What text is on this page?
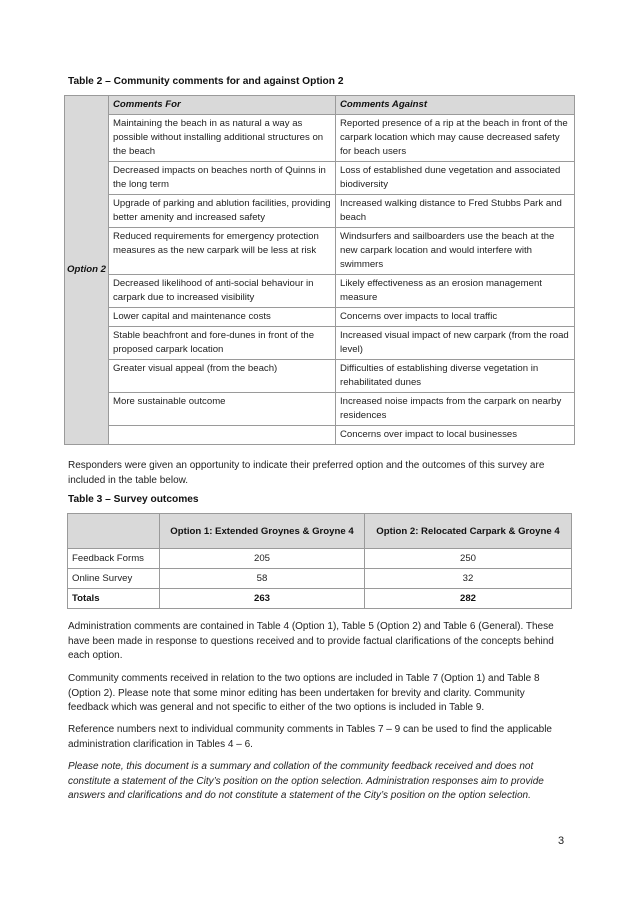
Table 2 – Community comments for and against Option 2
Option 2	Comments For	Comments Against
	Maintaining the beach in as natural a way as possible without installing additional structures on the beach	Reported presence of a rip at the beach in front of the carpark location which may cause decreased safety for beach users
	Decreased impacts on beaches north of Quinns in the long term	Loss of established dune vegetation and associated biodiversity
	Upgrade of parking and ablution facilities, providing better amenity and increased safety	Increased walking distance to Fred Stubbs Park and beach
	Reduced requirements for emergency protection measures as the new carpark will be less at risk	Windsurfers and sailboarders use the beach at the new carpark location and would interfere with swimmers
	Decreased likelihood of anti-social behaviour in carpark due to increased visibility	Likely effectiveness as an erosion management measure
	Lower capital and maintenance costs	Concerns over impacts to local traffic
	Stable beachfront and fore-dunes in front of the proposed carpark location	Increased visual impact of new carpark (from the road level)
	Greater visual appeal (from the beach)	Difficulties of establishing diverse vegetation in rehabilitated dunes
	More sustainable outcome	Increased noise impacts from the carpark on nearby residences
		Concerns over impact to local businesses

Responders were given an opportunity to indicate their preferred option and the outcomes of this survey are included in the table below.

Table 3 – Survey outcomes
	Option 1: Extended Groynes & Groyne 4	Option 2: Relocated Carpark & Groyne 4
Feedback Forms	205	250
Online Survey	58	32
Totals	263	282

Administration comments are contained in Table 4 (Option 1), Table 5 (Option 2) and Table 6 (General). These have been made in response to questions received and to provide factual clarifications of the concepts behind each option.

Community comments received in relation to the two options are included in Table 7 (Option 1) and Table 8 (Option 2). Please note that some minor editing has been undertaken for brevity and clarity. Community feedback which was general and not specific to either of the two options is included in Table 9.

Reference numbers next to individual community comments in Tables 7 – 9 can be used to find the applicable administration clarification in Tables 4 – 6.

Please note, this document is a summary and collation of the community feedback received and does not constitute a statement of the City’s position on the option selection. Administration responses aim to provide answers and clarifications and do not constitute a statement of the City’s position on the option selection.

3
